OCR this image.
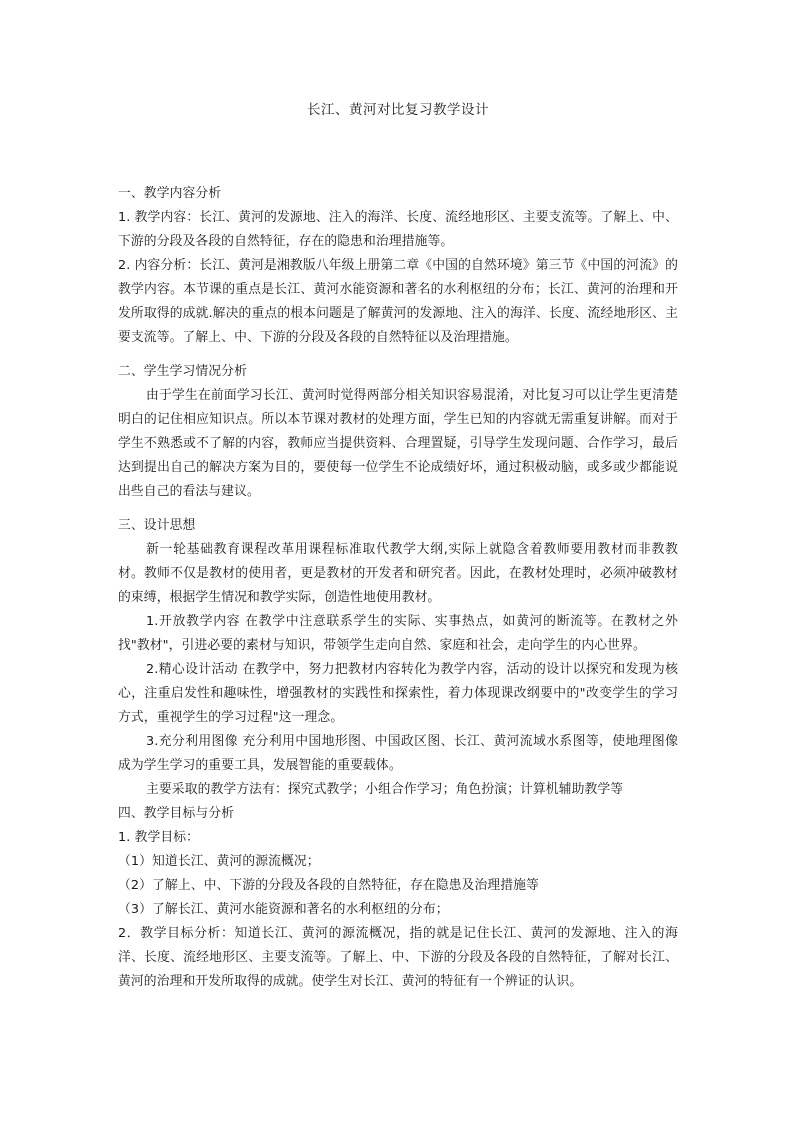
长江、黄河对比复习教学设计

一、教学内容分析

1. 教学内容：长江、黄河的发源地、注入的海洋、长度、流经地形区、主要支流等。了解上、中、下游的分段及各段的自然特征，存在的隐患和治理措施等。

2. 内容分析：长江、黄河是湘教版八年级上册第二章《中国的自然环境》第三节《中国的河流》的教学内容。本节课的重点是长江、黄河水能资源和著名的水利枢纽的分布；长江、黄河的治理和开发所取得的成就.解决的重点的根本问题是了解黄河的发源地、注入的海洋、长度、流经地形区、主要支流等。了解上、中、下游的分段及各段的自然特征以及治理措施。

二、学生学习情况分析

由于学生在前面学习长江、黄河时觉得两部分相关知识容易混淆，对比复习可以让学生更清楚明白的记住相应知识点。所以本节课对教材的处理方面，学生已知的内容就无需重复讲解。而对于学生不熟悉或不了解的内容，教师应当提供资料、合理置疑，引导学生发现问题、合作学习，最后达到提出自己的解决方案为目的，要使每一位学生不论成绩好坏，通过积极动脑，或多或少都能说出些自己的看法与建议。

三、设计思想

新一轮基础教育课程改革用课程标准取代教学大纲,实际上就隐含着教师要用教材而非教教材。教师不仅是教材的使用者，更是教材的开发者和研究者。因此，在教材处理时，必须冲破教材的束缚，根据学生情况和教学实际，创造性地使用教材。

1.开放教学内容 在教学中注意联系学生的实际、实事热点，如黄河的断流等。在教材之外找"教材"，引进必要的素材与知识，带领学生走向自然、家庭和社会，走向学生的内心世界。

2.精心设计活动 在教学中，努力把教材内容转化为教学内容，活动的设计以探究和发现为核心，注重启发性和趣味性，增强教材的实践性和探索性，着力体现课改纲要中的"改变学生的学习方式，重视学生的学习过程"这一理念。

3.充分利用图像 充分利用中国地形图、中国政区图、长江、黄河流域水系图等，使地理图像成为学生学习的重要工具，发展智能的重要载体。

主要采取的教学方法有：探究式教学；小组合作学习；角色扮演；计算机辅助教学等

四、教学目标与分析

1. 教学目标：

（1）知道长江、黄河的源流概况；

（2）了解上、中、下游的分段及各段的自然特征，存在隐患及治理措施等

（3）了解长江、黄河水能资源和著名的水利枢纽的分布；

2．教学目标分析：知道长江、黄河的源流概况，指的就是记住长江、黄河的发源地、注入的海洋、长度、流经地形区、主要支流等。了解上、中、下游的分段及各段的自然特征，了解对长江、黄河的治理和开发所取得的成就。使学生对长江、黄河的特征有一个辨证的认识。
